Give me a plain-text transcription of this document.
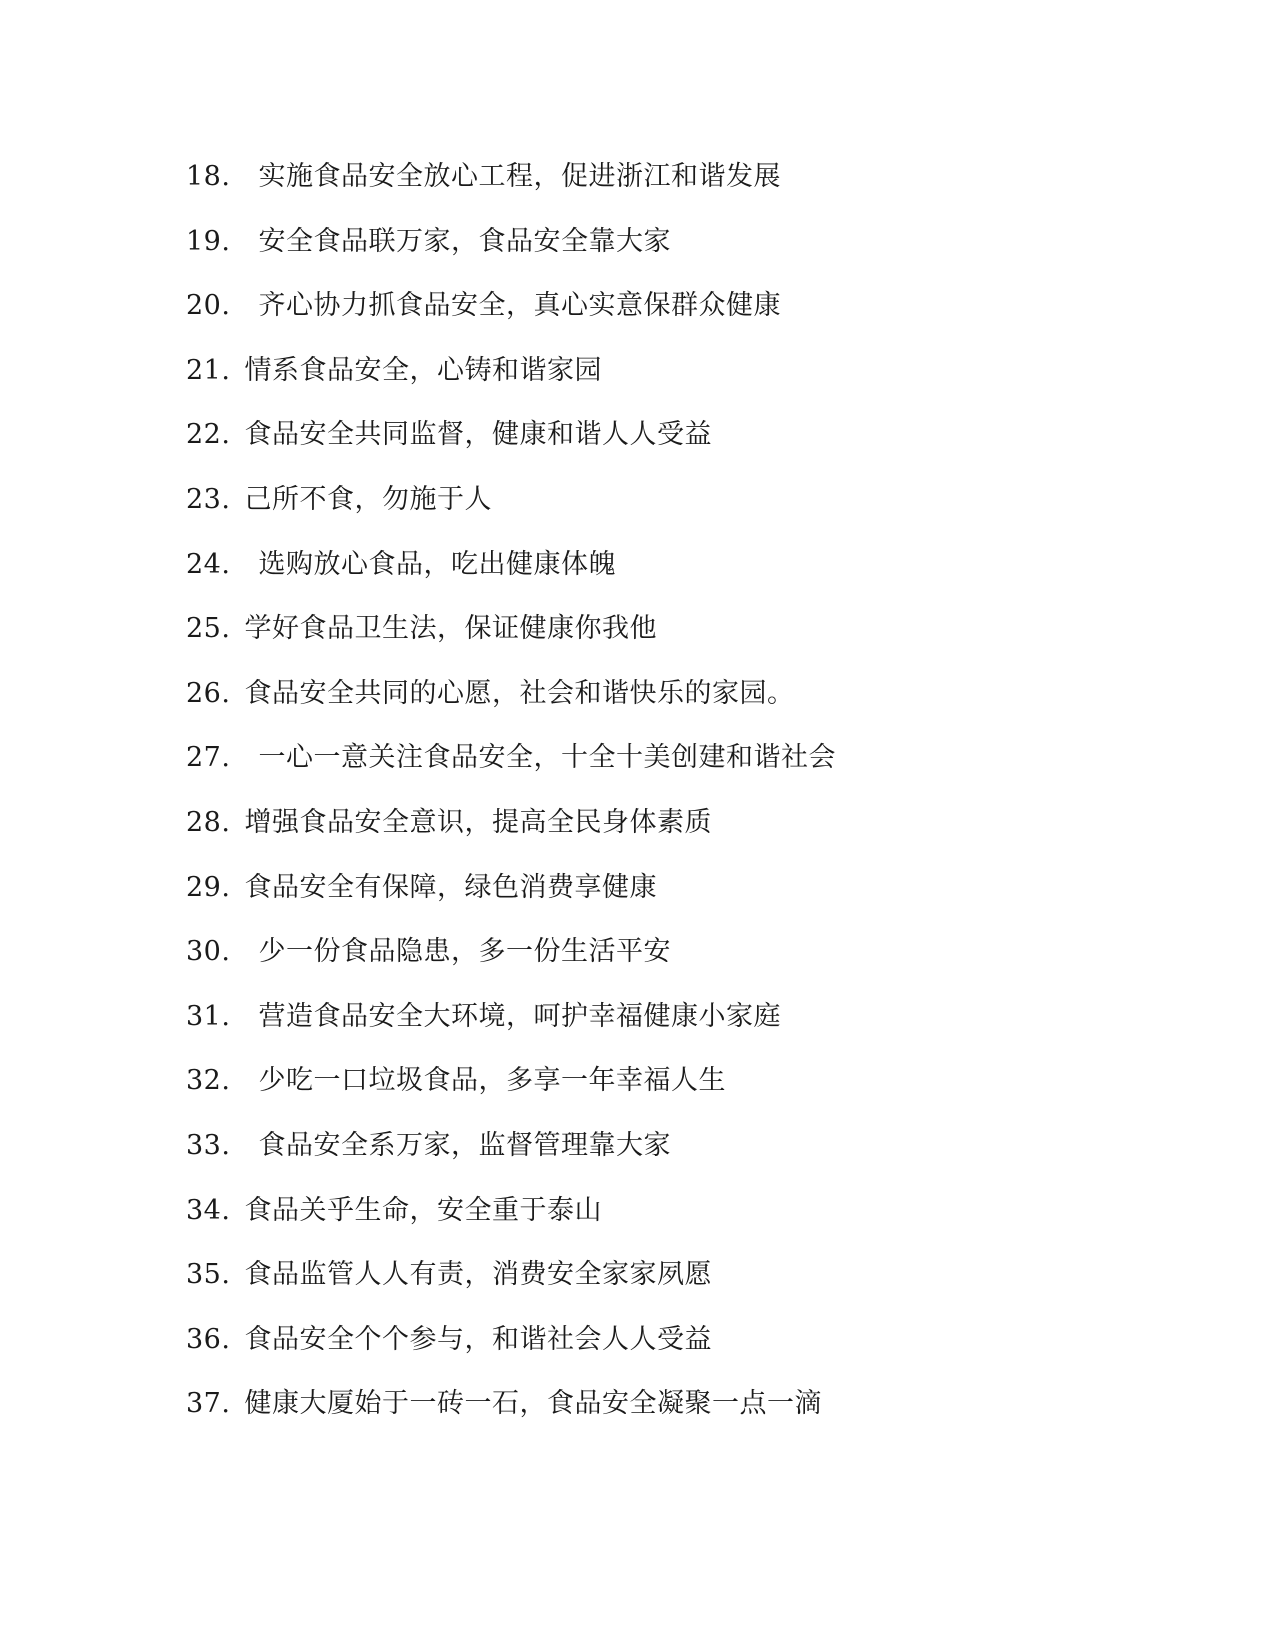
18. 实施食品安全放心工程，促进浙江和谐发展
19. 安全食品联万家，食品安全靠大家
20. 齐心协力抓食品安全，真心实意保群众健康
21. 情系食品安全，心铸和谐家园
22. 食品安全共同监督，健康和谐人人受益
23. 己所不食，勿施于人
24. 选购放心食品，吃出健康体魄
25. 学好食品卫生法，保证健康你我他
26. 食品安全共同的心愿，社会和谐快乐的家园。
27. 一心一意关注食品安全，十全十美创建和谐社会
28. 增强食品安全意识，提高全民身体素质
29. 食品安全有保障，绿色消费享健康
30. 少一份食品隐患，多一份生活平安
31. 营造食品安全大环境，呵护幸福健康小家庭
32. 少吃一口垃圾食品，多享一年幸福人生
33. 食品安全系万家，监督管理靠大家
34. 食品关乎生命，安全重于泰山
35. 食品监管人人有责，消费安全家家夙愿
36. 食品安全个个参与，和谐社会人人受益
37. 健康大厦始于一砖一石，食品安全凝聚一点一滴
